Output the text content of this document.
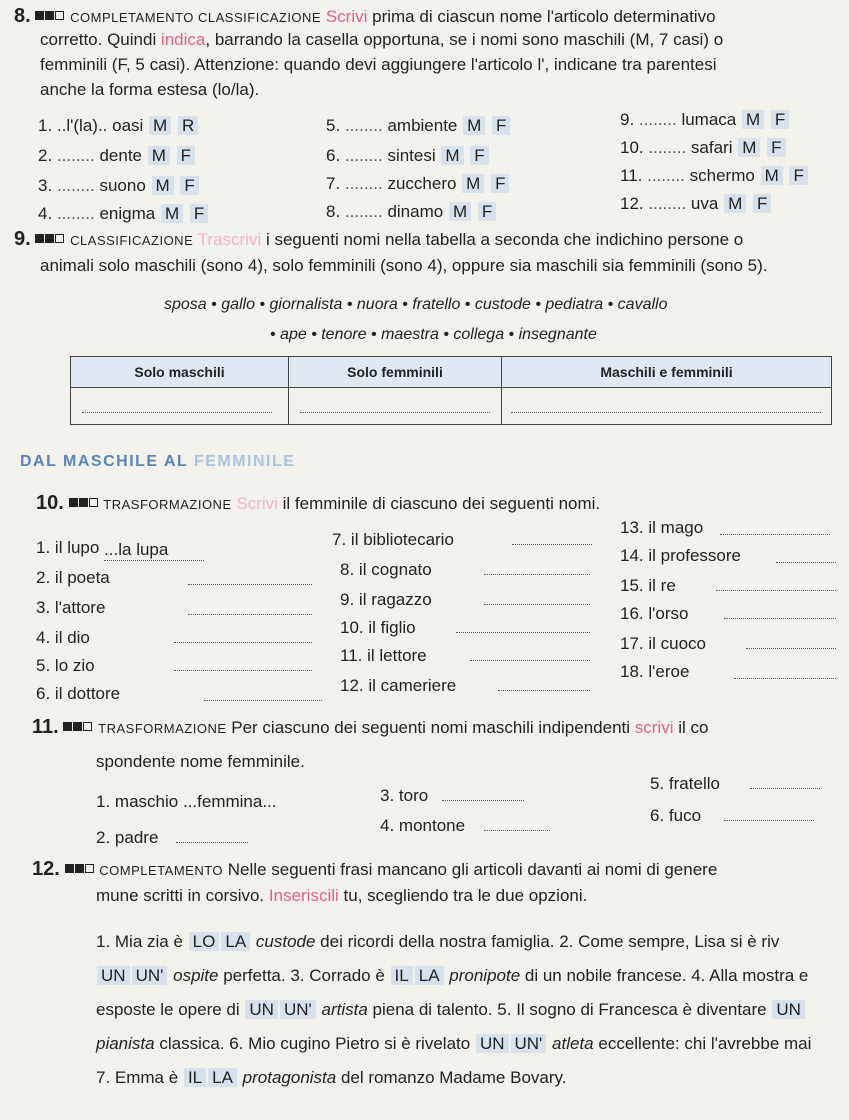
8.	COMPLETAMENTO CLASSIFICAZIONE Scrivi prima di ciascun nome l'articolo determinativo
corretto. Quindi indica, barrando la casella opportuna, se i nomi sono maschili (M, 7 casi) o
femminili (F, 5 casi). Attenzione: quando devi aggiungere l'articolo l', indicane tra parentesi
anche la forma estesa (lo/la).
1. ..l'(la).. oasi M R
2. ........ dente M F
3. ........ suono M F
4. ........ enigma M F
5. ........ ambiente M F
6. ........ sintesi M F
7. ........ zucchero M F
8. ........ dinamo M F
9. ........ lumaca M F
10. ........ safari M F
11. ........ schermo M F
12. ........ uva M F
9.	CLASSIFICAZIONE Trascrivi i seguenti nomi nella tabella a seconda che indichino persone o
animali solo maschili (sono 4), solo femminili (sono 4), oppure sia maschili sia femminili (sono 5).
sposa • gallo • giornalista • nuora • fratello • custode • pediatra • cavallo
• ape • tenore • maestra • collega • insegnante
Solo maschili	Solo femminili	Maschili e femminili

DAL MASCHILE AL FEMMINILE
10.	TRASFORMAZIONE Scrivi il femminile di ciascuno dei seguenti nomi.
1. il lupo ...la lupa
2. il poeta
3. l'attore
4. il dio
5. lo zio
6. il dottore
7. il bibliotecario
8. il cognato
9. il ragazzo
10. il figlio
11. il lettore
12. il cameriere
13. il mago
14. il professore
15. il re
16. l'orso
17. il cuoco
18. l'eroe
11.	TRASFORMAZIONE Per ciascuno dei seguenti nomi maschili indipendenti scrivi il co
spondente nome femminile.
1. maschio ...femmina...
2. padre
3. toro
4. montone
5. fratello
6. fuco
12.	COMPLETAMENTO Nelle seguenti frasi mancano gli articoli davanti ai nomi di genere
mune scritti in corsivo. Inseriscili tu, scegliendo tra le due opzioni.
1. Mia zia è LO LA custode dei ricordi della nostra famiglia. 2. Come sempre, Lisa si è riv
UN UN' ospite perfetta. 3. Corrado è IL LA pronipote di un nobile francese. 4. Alla mostra e
esposte le opere di UN UN' artista piena di talento. 5. Il sogno di Francesca è diventare UN
pianista classica. 6. Mio cugino Pietro si è rivelato UN UN' atleta eccellente: chi l'avrebbe mai
7. Emma è IL LA protagonista del romanzo Madame Bovary.
